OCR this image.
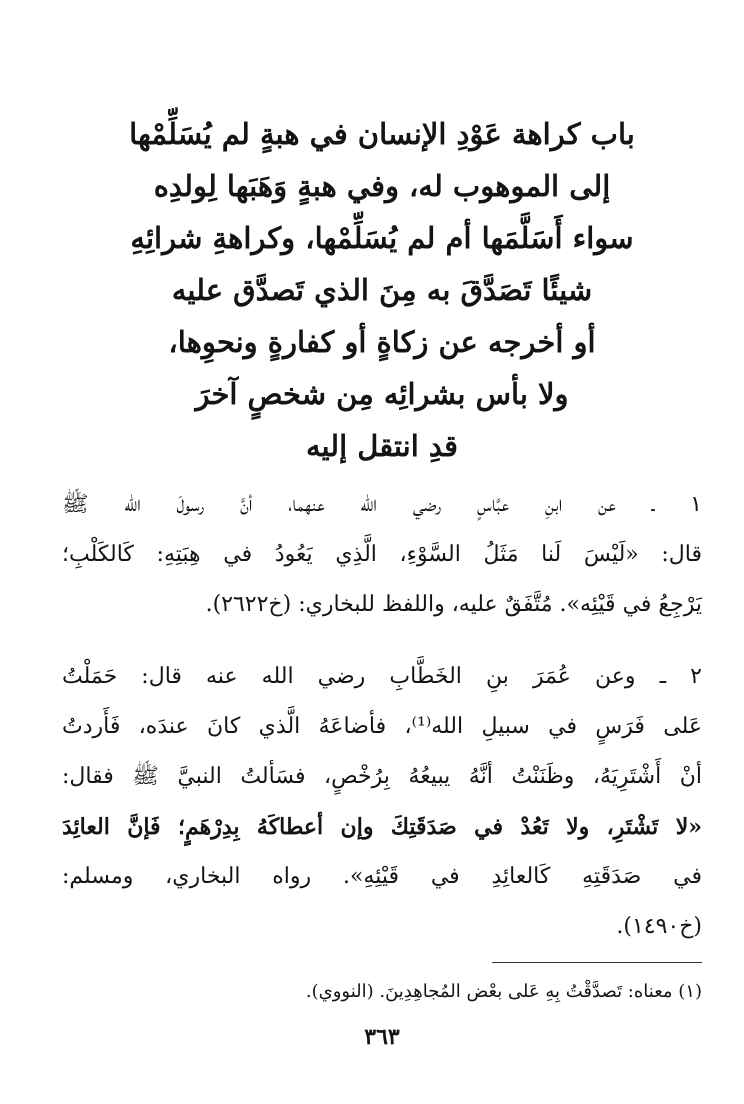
باب كراهة عَوْدِ الإنسان في هبةٍ لم يُسَلِّمْها
إلى الموهوب له، وفي هبةٍ وَهَبَها لِولدِه
سواء أَسَلَّمَها أم لم يُسَلِّمْها، وكراهةِ شرائِهِ
شيئًا تَصَدَّقَ به مِنَ الذي تَصدَّق عليه
أو أخرجه عن زكاةٍ أو كفارةٍ ونحوِها،
ولا بأس بشرائِه مِن شخصٍ آخرَ
قدِ انتقل إليه
١ ـ عن ابنِ عبَّاسٍ رضي الله عنهما، أنَّ رسولَ الله ﷺ
قال: «لَيْسَ لَنا مَثَلُ السَّوْءِ، الَّذِي يَعُودُ في هِبَتِهِ: كَالكَلْبِ؛
يَرْجِعُ في قَيْئِه». مُتَّفَقٌ عليه، واللفظ للبخاري: (خ٢٦٢٢).
٢ ـ وعن عُمَرَ بنِ الخَطَّابِ رضي الله عنه قال: حَمَلْتُ
عَلى فَرَسٍ في سبيلِ الله⁽¹⁾، فأضاعَهُ الَّذي كانَ عندَه، فَأَردتُ
أنْ أَشْتَرِيَهُ، وظَنَنْتُ أنَّهُ يبيعُهُ بِرُخْصٍ، فسَألتُ النبيَّ ﷺ فقال:
«لا تَشْتَرِ، ولا تَعُدْ في صَدَقَتِكَ وإن أعطاكَهُ بِدِرْهَمٍ؛ فَإنَّ العائِدَ
في صَدَقَتِهِ كَالعائِدِ في قَيْئِهِ». رواه البخاري، ومسلم:
(خ١٤٩٠).
(١) معناه: تَصدَّقْتُ بِهِ عَلى بعْض المُجاهِدِينَ. (النووي).
٣٦٣
